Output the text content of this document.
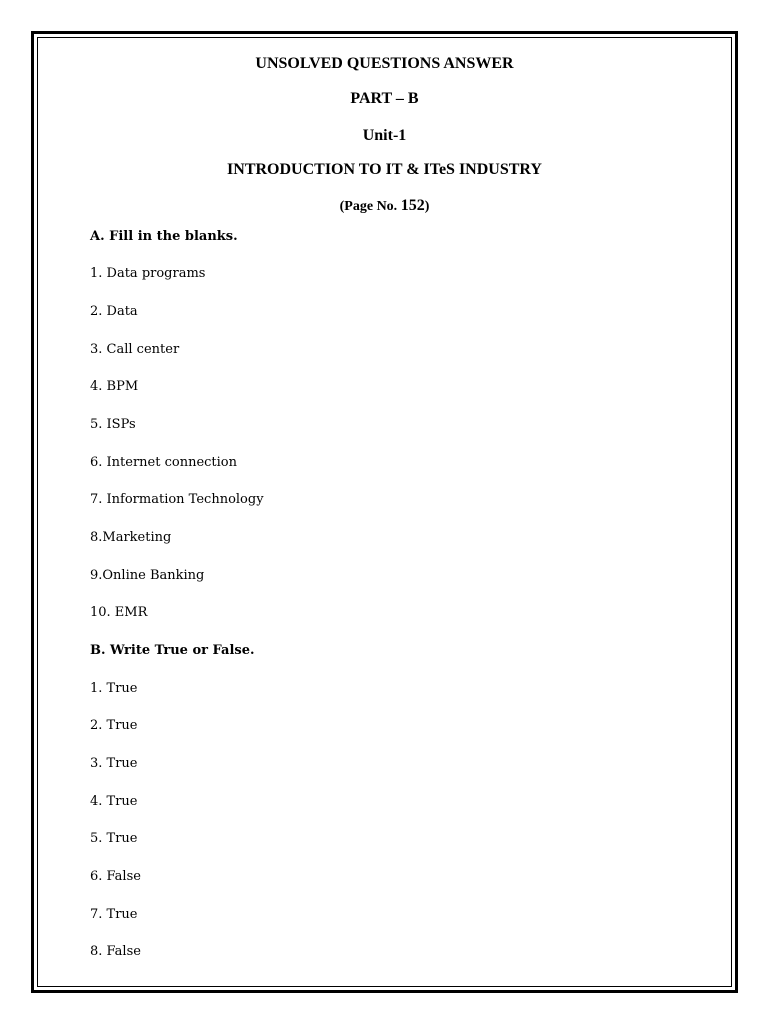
UNSOLVED QUESTIONS ANSWER
PART – B
Unit-1
INTRODUCTION TO IT & ITeS INDUSTRY
(Page No. 152)
A. Fill in the blanks.
1. Data programs
2. Data
3. Call center
4. BPM
5. ISPs
6. Internet connection
7. Information Technology
8.Marketing
9.Online Banking
10. EMR
B. Write True or False.
1. True
2. True
3. True
4. True
5. True
6. False
7. True
8. False
